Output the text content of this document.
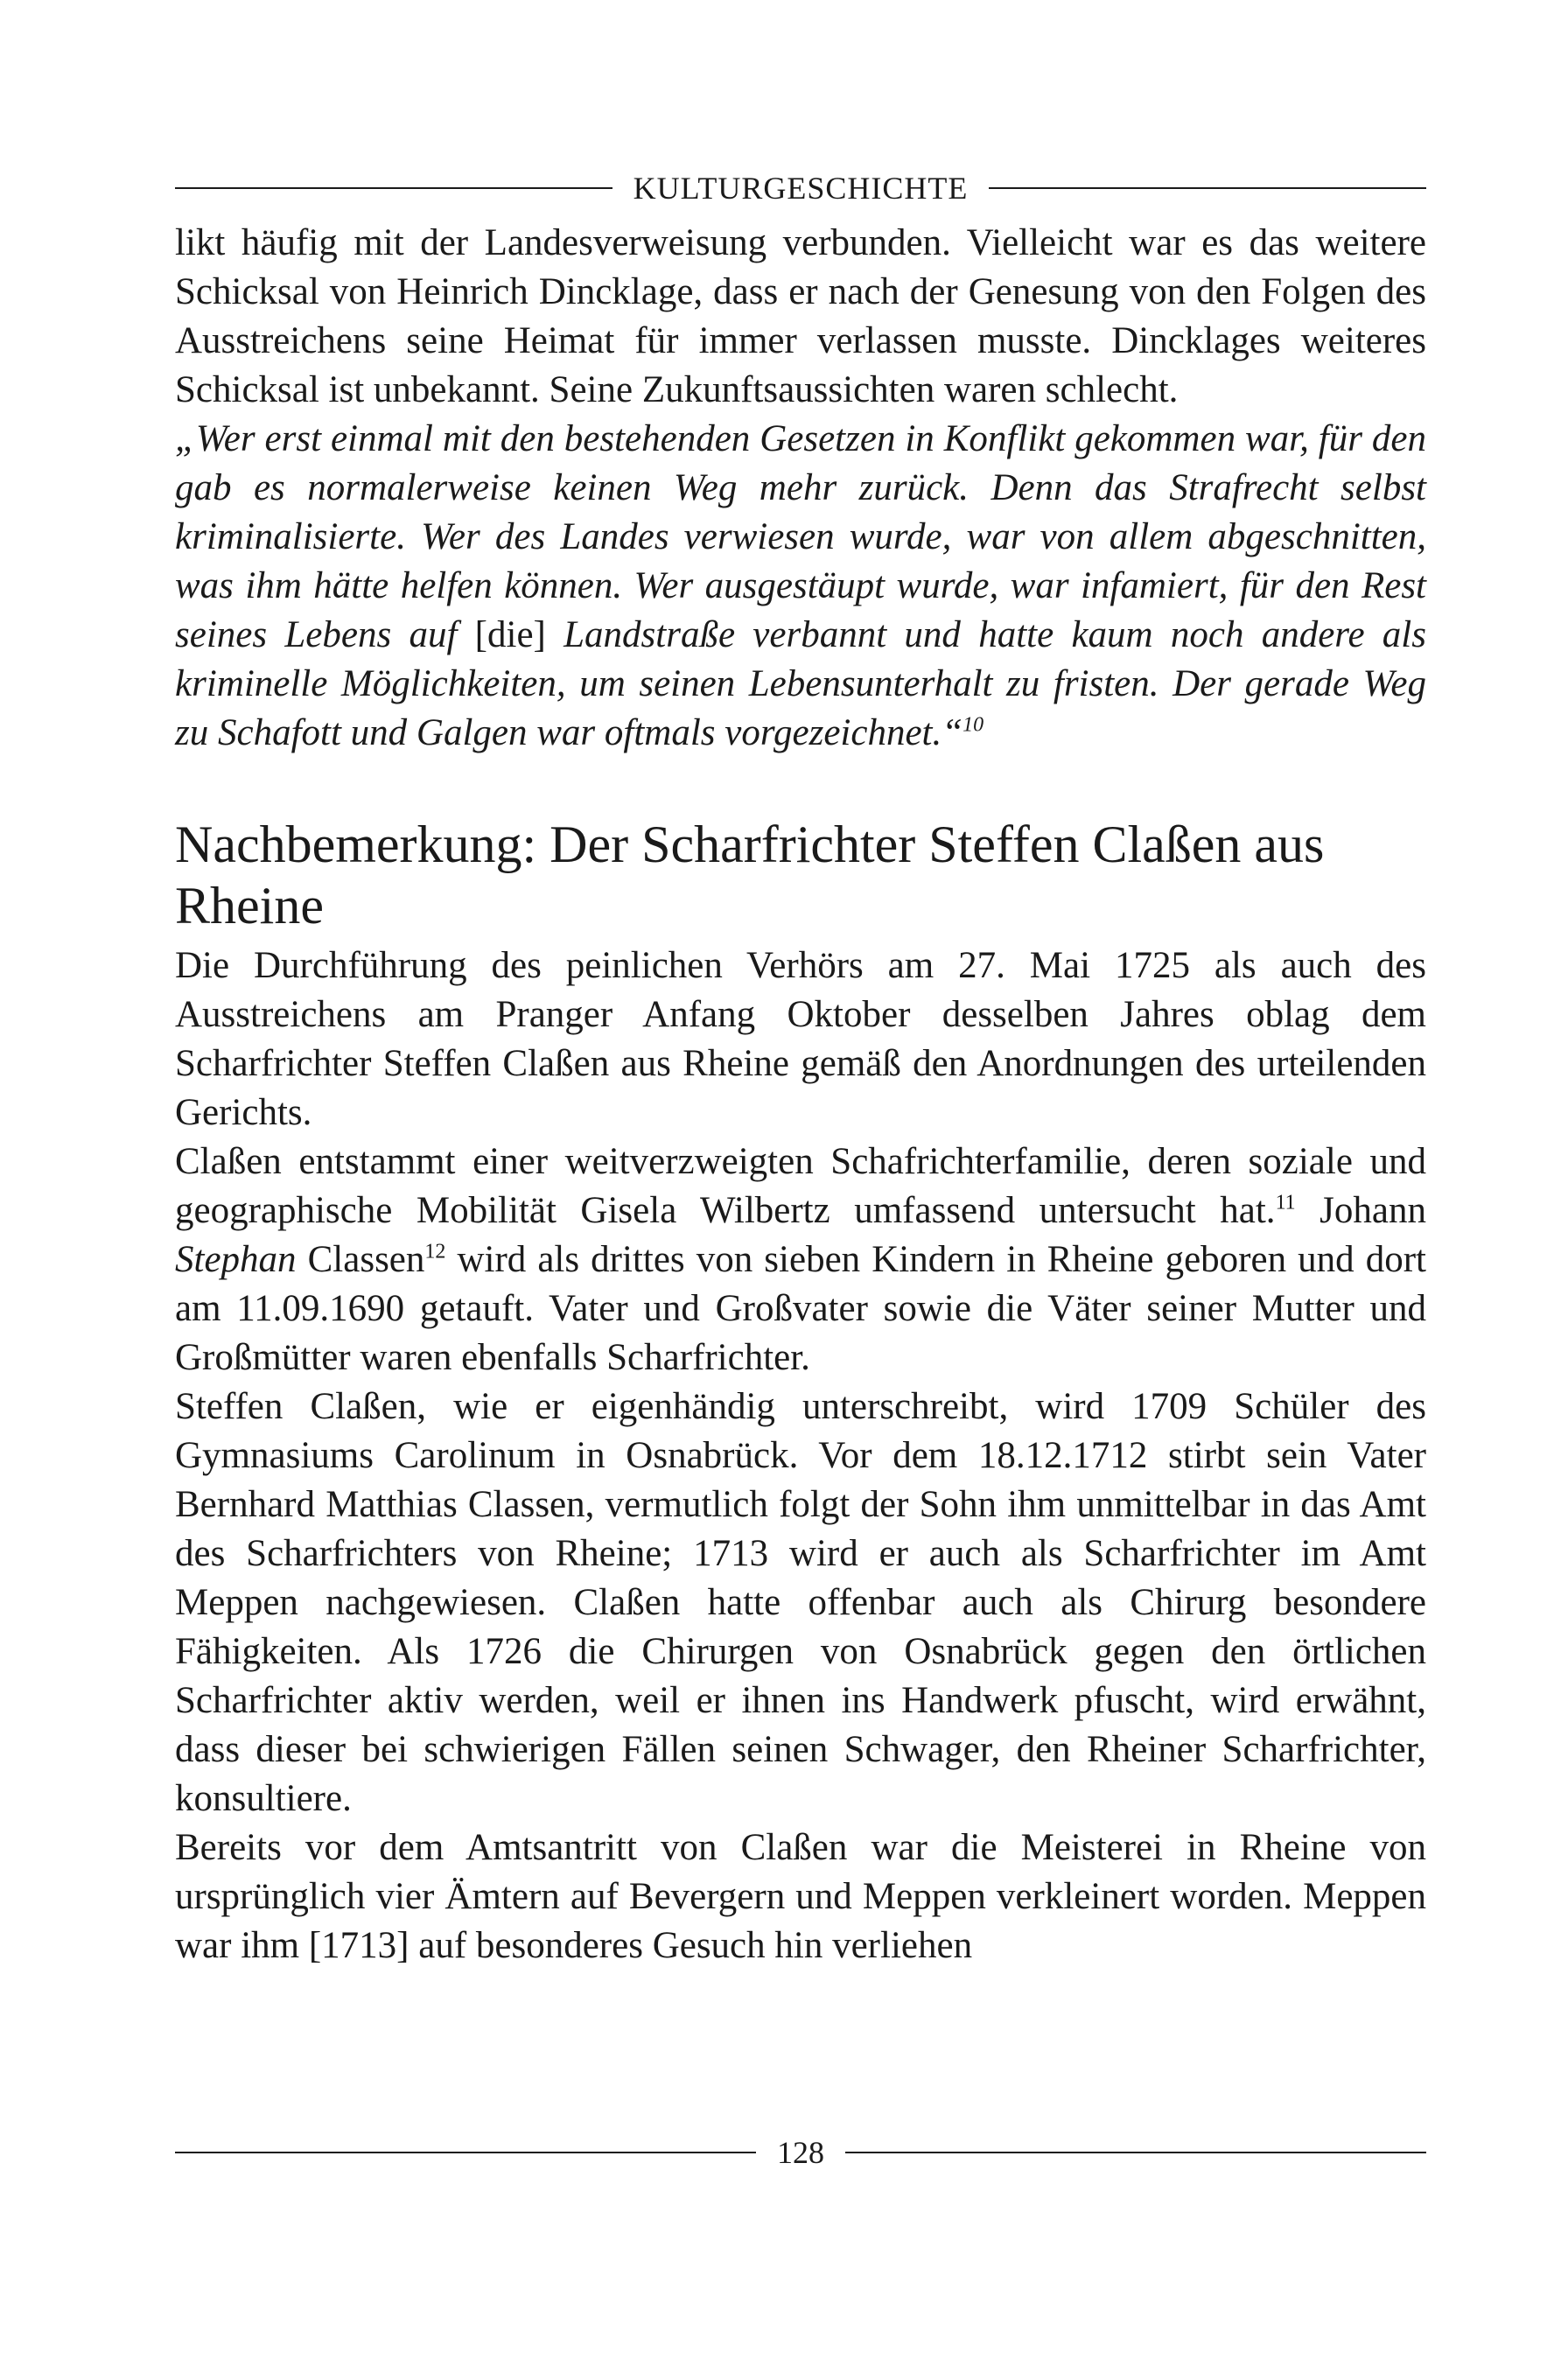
KULTURGESCHICHTE

likt häufig mit der Landesverweisung verbunden. Vielleicht war es das weitere Schicksal von Heinrich Dincklage, dass er nach der Genesung von den Folgen des Ausstreichens seine Heimat für immer verlassen musste. Dincklages weiteres Schicksal ist unbekannt. Seine Zukunftsaussichten waren schlecht.

„Wer erst einmal mit den bestehenden Gesetzen in Konflikt gekommen war, für den gab es normalerweise keinen Weg mehr zurück. Denn das Strafrecht selbst kriminalisierte. Wer des Landes verwiesen wurde, war von allem abgeschnitten, was ihm hätte helfen können. Wer ausgestäupt wurde, war infamiert, für den Rest seines Lebens auf [die] Landstraße verbannt und hatte kaum noch andere als kriminelle Möglichkeiten, um seinen Lebensunterhalt zu fristen. Der gerade Weg zu Schafott und Galgen war oftmals vorgezeichnet.“$^{10}$

Nachbemerkung: Der Scharfrichter Steffen Claßen aus Rheine

Die Durchführung des peinlichen Verhörs am 27. Mai 1725 als auch des Ausstreichens am Pranger Anfang Oktober desselben Jahres oblag dem Scharfrichter Steffen Claßen aus Rheine gemäß den Anordnungen des urteilenden Gerichts.

Claßen entstammt einer weitverzweigten Schafrichterfamilie, deren soziale und geographische Mobilität Gisela Wilbertz umfassend untersucht hat.$^{11}$ Johann Stephan Classen$^{12}$ wird als drittes von sieben Kindern in Rheine geboren und dort am 11.09.1690 getauft. Vater und Großvater sowie die Väter seiner Mutter und Großmütter waren ebenfalls Scharfrichter.

Steffen Claßen, wie er eigenhändig unterschreibt, wird 1709 Schüler des Gymnasiums Carolinum in Osnabrück. Vor dem 18.12.1712 stirbt sein Vater Bernhard Matthias Classen, vermutlich folgt der Sohn ihm unmittelbar in das Amt des Scharfrichters von Rheine; 1713 wird er auch als Scharfrichter im Amt Meppen nachgewiesen. Claßen hatte offenbar auch als Chirurg besondere Fähigkeiten. Als 1726 die Chirurgen von Osnabrück gegen den örtlichen Scharfrichter aktiv werden, weil er ihnen ins Handwerk pfuscht, wird erwähnt, dass dieser bei schwierigen Fällen seinen Schwager, den Rheiner Scharfrichter, konsultiere.

Bereits vor dem Amtsantritt von Claßen war die Meisterei in Rheine von ursprünglich vier Ämtern auf Bevergern und Meppen verkleinert worden. Meppen war ihm [1713] auf besonderes Gesuch hin verliehen

128
